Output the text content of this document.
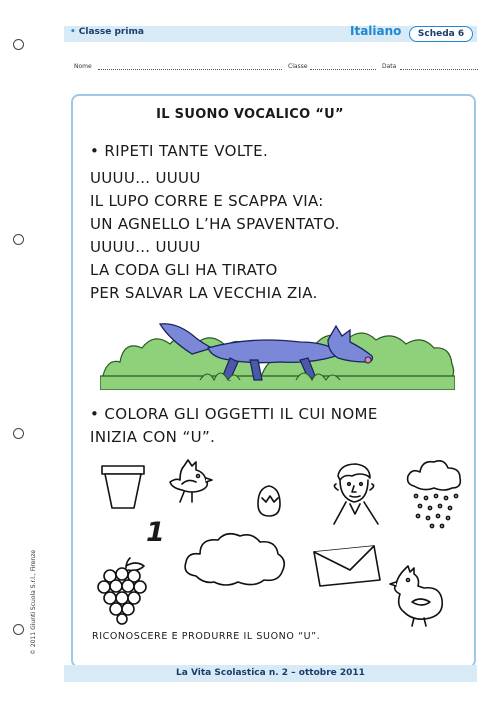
• Classe prima	Italiano	Scheda 6
Nome	Classe	Data
IL SUONO VOCALICO “U”
• RIPETI TANTE VOLTE.
UUUU… UUUU
IL LUPO CORRE E SCAPPA VIA:
UN AGNELLO L’HA SPAVENTATO.
UUUU… UUUU
LA CODA GLI HA TIRATO
PER SALVAR LA VECCHIA ZIA.
• COLORA GLI OGGETTI IL CUI NOME
INIZIA CON “U”.
1
RICONOSCERE E PRODURRE IL SUONO “U”.
© 2011 Giunti Scuola S.r.l., Firenze
La Vita Scolastica n. 2 – ottobre 2011
